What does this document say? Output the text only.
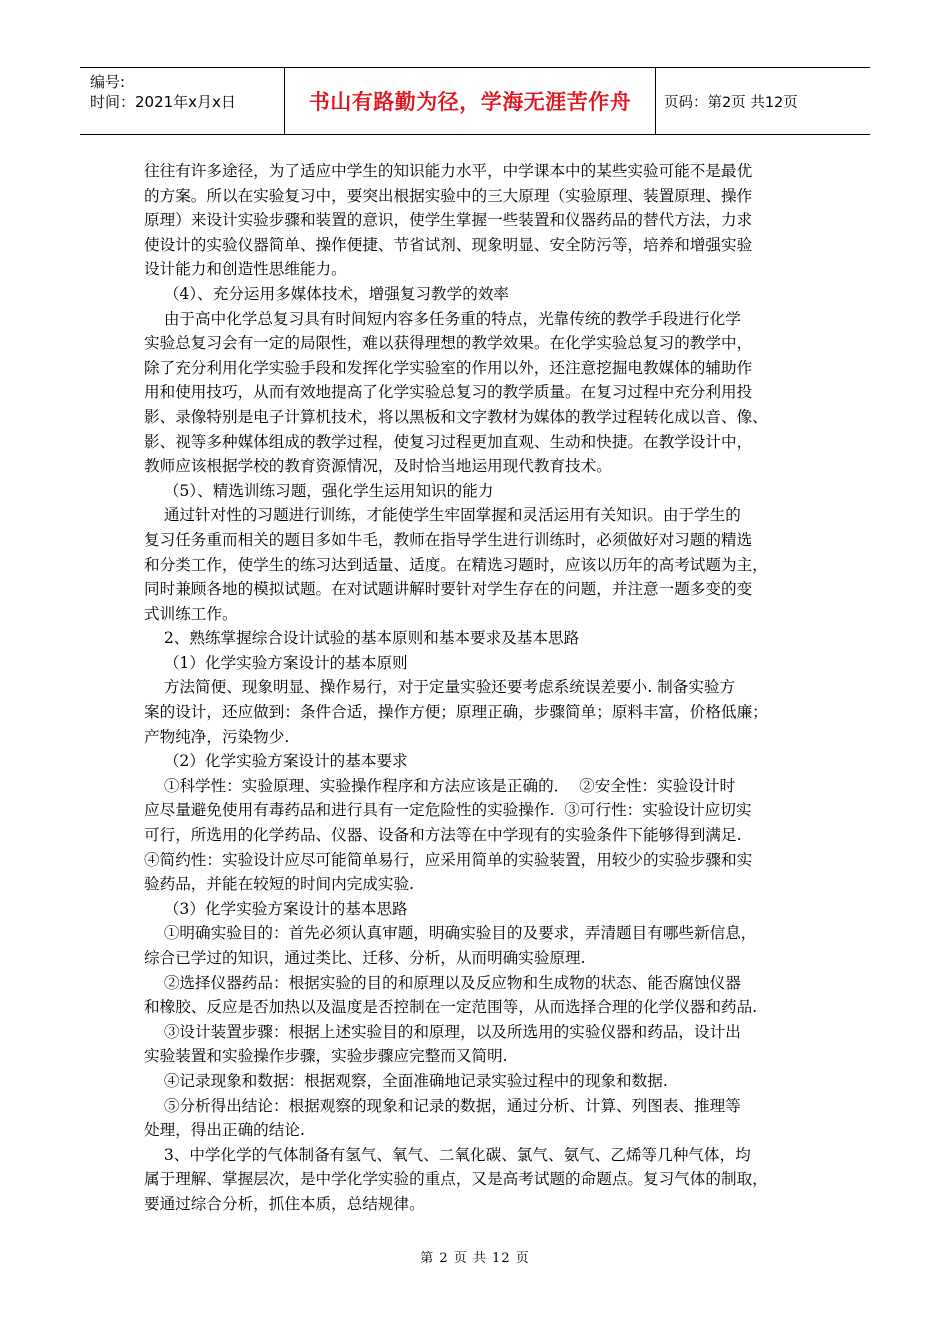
编号:
时间：2021年x月x日	书山有路勤为径，学海无涯苦作舟 页码：第2页 共12页

往往有许多途径，为了适应中学生的知识能力水平，中学课本中的某些实验可能不是最优

的方案。所以在实验复习中，要突出根据实验中的三大原理（实验原理、装置原理、操作

原理）来设计实验步骤和装置的意识，使学生掌握一些装置和仪器药品的替代方法，力求

使设计的实验仪器简单、操作便捷、节省试剂、现象明显、安全防污等，培养和增强实验

设计能力和创造性思维能力。

（4）、充分运用多媒体技术，增强复习教学的效率

由于高中化学总复习具有时间短内容多任务重的特点，光靠传统的教学手段进行化学

实验总复习会有一定的局限性，难以获得理想的教学效果。在化学实验总复习的教学中，

除了充分利用化学实验手段和发挥化学实验室的作用以外，还注意挖掘电教媒体的辅助作

用和使用技巧，从而有效地提高了化学实验总复习的教学质量。在复习过程中充分利用投

影、录像特别是电子计算机技术，将以黑板和文字教材为媒体的教学过程转化成以音、像、

影、视等多种媒体组成的教学过程，使复习过程更加直观、生动和快捷。在教学设计中，

教师应该根据学校的教育资源情况，及时恰当地运用现代教育技术。

（5）、精选训练习题，强化学生运用知识的能力

通过针对性的习题进行训练，才能使学生牢固掌握和灵活运用有关知识。由于学生的

复习任务重而相关的题目多如牛毛，教师在指导学生进行训练时，必须做好对习题的精选

和分类工作，使学生的练习达到适量、适度。在精选习题时，应该以历年的高考试题为主，

同时兼顾各地的模拟试题。在对试题讲解时要针对学生存在的问题，并注意一题多变的变

式训练工作。

2、熟练掌握综合设计试验的基本原则和基本要求及基本思路

（1）化学实验方案设计的基本原则

方法简便、现象明显、操作易行，对于定量实验还要考虑系统误差要小. 制备实验方

案的设计，还应做到：条件合适，操作方便；原理正确，步骤简单；原料丰富，价格低廉；

产物纯净，污染物少.

（2）化学实验方案设计的基本要求

①科学性：实验原理、实验操作程序和方法应该是正确的．  ②安全性：实验设计时

应尽量避免使用有毒药品和进行具有一定危险性的实验操作.  ③可行性：实验设计应切实

可行，所选用的化学药品、仪器、设备和方法等在中学现有的实验条件下能够得到满足.

④简约性：实验设计应尽可能简单易行，应采用简单的实验装置，用较少的实验步骤和实

验药品，并能在较短的时间内完成实验.

（3）化学实验方案设计的基本思路

①明确实验目的：首先必须认真审题，明确实验目的及要求，弄清题目有哪些新信息，

综合已学过的知识，通过类比、迁移、分析，从而明确实验原理.

②选择仪器药品：根据实验的目的和原理以及反应物和生成物的状态、能否腐蚀仪器

和橡胶、反应是否加热以及温度是否控制在一定范围等，从而选择合理的化学仪器和药品.

③设计装置步骤：根据上述实验目的和原理，以及所选用的实验仪器和药品，设计出

实验装置和实验操作步骤，实验步骤应完整而又简明.

④记录现象和数据：根据观察，全面准确地记录实验过程中的现象和数据.

⑤分析得出结论：根据观察的现象和记录的数据，通过分析、计算、列图表、推理等

处理，得出正确的结论.

3、中学化学的气体制备有氢气、氧气、二氧化碳、氯气、氨气、乙烯等几种气体，均

属于理解、掌握层次，是中学化学实验的重点，又是高考试题的命题点。复习气体的制取，

要通过综合分析，抓住本质，总结规律。

第 2 页 共 12 页
